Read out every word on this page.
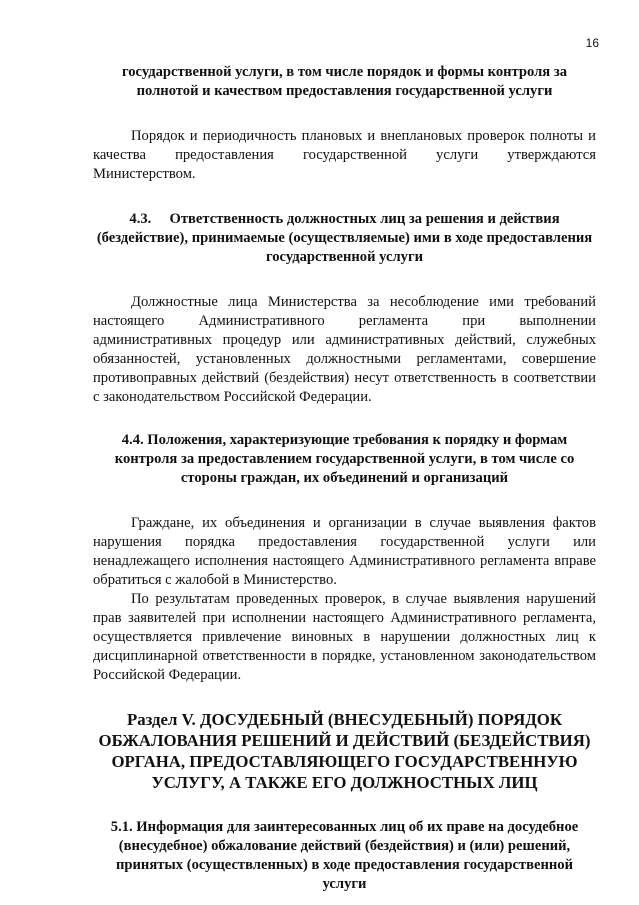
16

государственной услуги, в том числе порядок и формы контроля за полнотой и качеством предоставления государственной услуги

Порядок и периодичность плановых и внеплановых проверок полноты и качества предоставления государственной услуги утверждаются Министерством.

4.3.     Ответственность должностных лиц за решения и действия (бездействие), принимаемые (осуществляемые) ими в ходе предоставления государственной услуги

Должностные лица Министерства за несоблюдение ими требований настоящего Административного регламента при выполнении административных процедур или административных действий, служебных обязанностей, установленных должностными регламентами, совершение противоправных действий (бездействия) несут ответственность в соответствии с законодательством Российской Федерации.

4.4. Положения, характеризующие требования к порядку и формам контроля за предоставлением государственной услуги, в том числе со стороны граждан, их объединений и организаций

Граждане, их объединения и организации в случае выявления фактов нарушения порядка предоставления государственной услуги или ненадлежащего исполнения настоящего Административного регламента вправе обратиться с жалобой в Министерство.

По результатам проведенных проверок, в случае выявления нарушений прав заявителей при исполнении настоящего Административного регламента, осуществляется привлечение виновных в нарушении должностных лиц к дисциплинарной ответственности в порядке, установленном законодательством Российской Федерации.

Раздел V. ДОСУДЕБНЫЙ (ВНЕСУДЕБНЫЙ) ПОРЯДОК ОБЖАЛОВАНИЯ РЕШЕНИЙ И ДЕЙСТВИЙ (БЕЗДЕЙСТВИЯ) ОРГАНА, ПРЕДОСТАВЛЯЮЩЕГО ГОСУДАРСТВЕННУЮ УСЛУГУ, А ТАКЖЕ ЕГО ДОЛЖНОСТНЫХ ЛИЦ

5.1. Информация для заинтересованных лиц об их праве на досудебное (внесудебное) обжалование действий (бездействия) и (или) решений, принятых (осуществленных) в ходе предоставления государственной услуги
